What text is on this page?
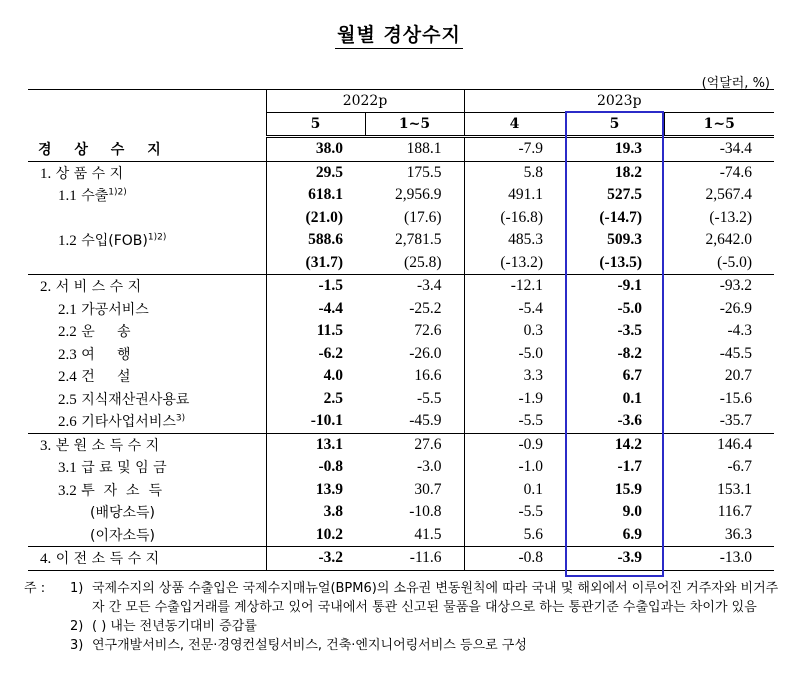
월별 경상수지
(억달러, %)
	2022p		2023p		
	5	1~5	4	5	1~5
경 상 수 지	38.0	188.1	-7.9	19.3	-34.4
1. 상 품 수 지	29.5	175.5	5.8	18.2	-74.6
1.1 수출$^{1)2)}$	618.1	2,956.9	491.1	527.5	2,567.4
	(21.0)	(17.6)	(-16.8)	(-14.7)	(-13.2)
1.2 수입(FOB)$^{1)2)}$	588.6	2,781.5	485.3	509.3	2,642.0
	(31.7)	(25.8)	(-13.2)	(-13.5)	(-5.0)
2. 서 비 스 수 지	-1.5	-3.4	-12.1	-9.1	-93.2
2.1 가공서비스	-4.4	-25.2	-5.4	-5.0	-26.9
2.2 운     송	11.5	72.6	0.3	-3.5	-4.3
2.3 여     행	-6.2	-26.0	-5.0	-8.2	-45.5
2.4 건     설	4.0	16.6	3.3	6.7	20.7
2.5 지식재산권사용료	2.5	-5.5	-1.9	0.1	-15.6
2.6 기타사업서비스$^{3)}$	-10.1	-45.9	-5.5	-3.6	-35.7
3. 본 원 소 득 수 지	13.1	27.6	-0.9	14.2	146.4
3.1 급 료 및 임 금	-0.8	-3.0	-1.0	-1.7	-6.7
3.2 투  자  소  득	13.9	30.7	0.1	15.9	153.1
(배당소득)	3.8	-10.8	-5.5	9.0	116.7
(이자소득)	10.2	41.5	5.6	6.9	36.3
4. 이 전 소 득 수 지	-3.2	-11.6	-0.8	-3.9	-13.0
주 :	1) 국제수지의 상품 수출입은 국제수지매뉴얼(BPM6)의 소유권 변동원칙에 따라 국내 및 해외에서 이루어진 거주자와 비거주자 간 모든 수출입거래를 계상하고 있어 국내에서 통관 신고된 물품을 대상으로 하는 통관기준 수출입과는 차이가 있음
2) ( ) 내는 전년동기대비 증감률
3) 연구개발서비스, 전문·경영컨설팅서비스, 건축·엔지니어링서비스 등으로 구성
